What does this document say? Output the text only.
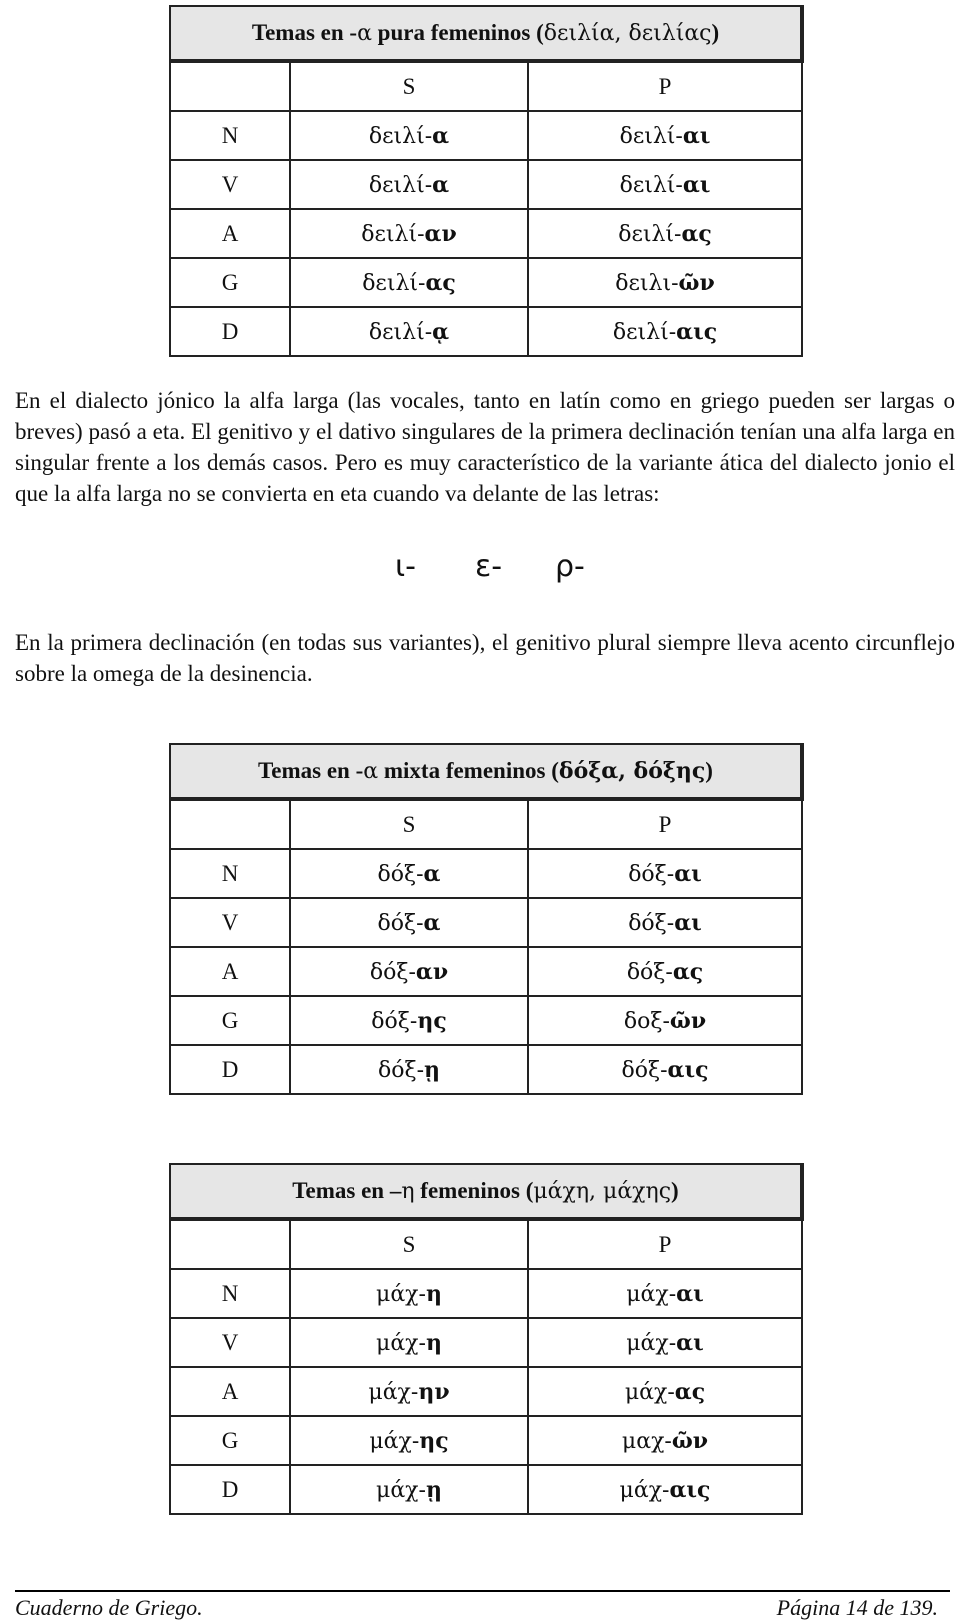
Temas en -α pura femeninos (δειλία, δειλίας)		
	S	P
N	δειλί-α	δειλί-αι
V	δειλί-α	δειλί-αι
A	δειλί-αν	δειλί-ας
G	δειλί-ας	δειλι-ῶν
D	δειλί-ᾳ	δειλί-αις

En el dialecto jónico la alfa larga (las vocales, tanto en latín como en griego pueden ser largas o breves) pasó a eta. El genitivo y el dativo singulares de la primera declinación tenían una alfa larga en singular frente a los demás casos. Pero es muy característico de la variante ática del dialecto jonio el que la alfa larga no se convierta en eta cuando va delante de las letras:

ι- ε- ρ-

En la primera declinación (en todas sus variantes), el genitivo plural siempre lleva acento circunflejo sobre la omega de la desinencia.

Temas en -α mixta femeninos (δόξα, δόξης)		
	S	P
N	δόξ-α	δόξ-αι
V	δόξ-α	δόξ-αι
A	δόξ-αν	δόξ-ας
G	δόξ-ης	δοξ-ῶν
D	δόξ-ῃ	δόξ-αις
Temas en –η femeninos (μάχη, μάχης)		
	S	P
N	μάχ-η	μάχ-αι
V	μάχ-η	μάχ-αι
A	μάχ-ην	μάχ-ας
G	μάχ-ης	μαχ-ῶν
D	μάχ-ῃ	μάχ-αις
Cuaderno de Griego.	Página 14 de 139.
